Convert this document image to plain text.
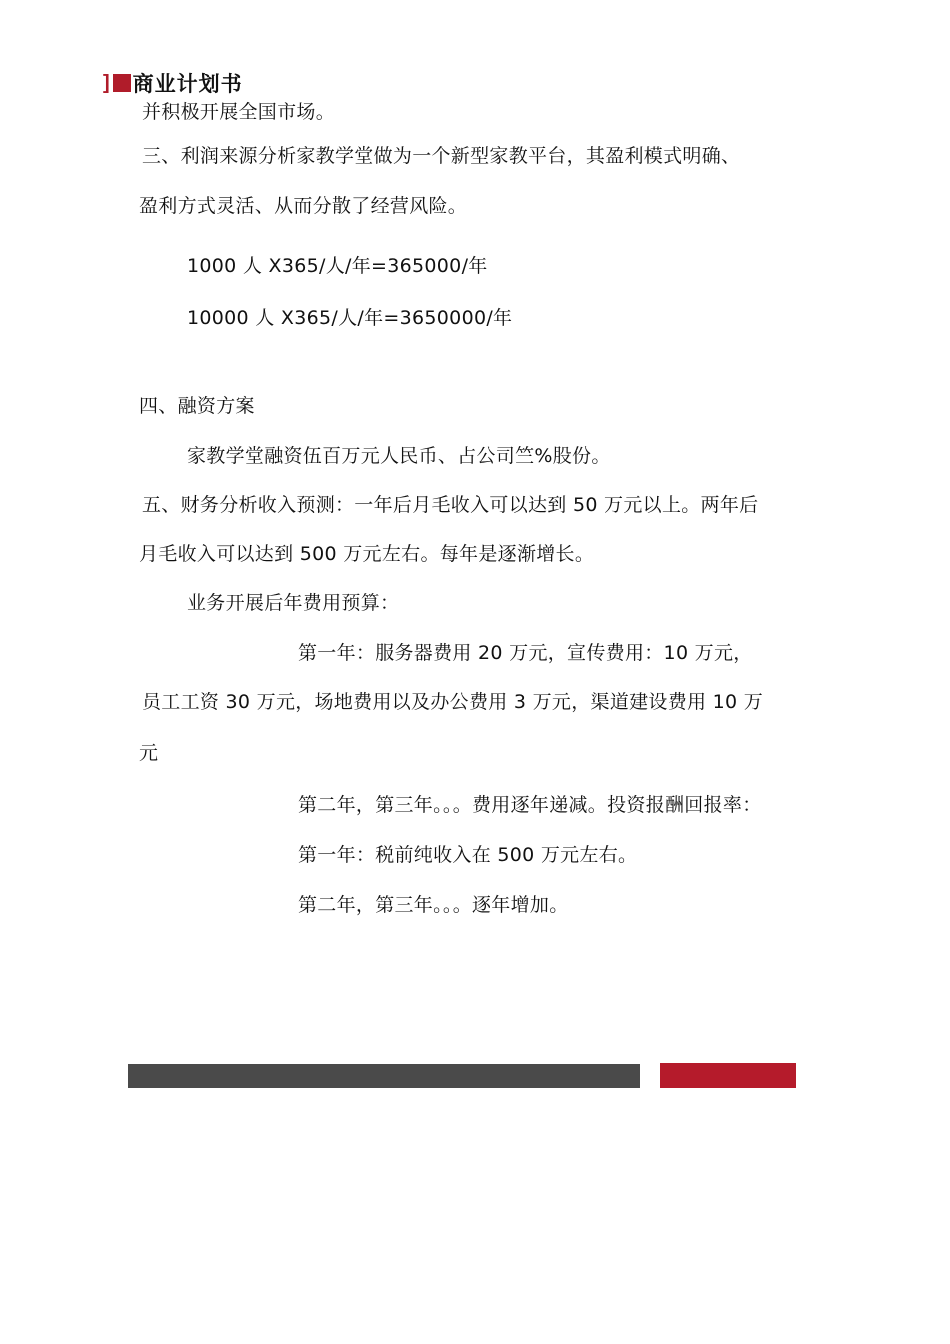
] 商业计划书
并积极开展全国市场。
三、利润来源分析家教学堂做为一个新型家教平台，其盈利模式明确、
盈利方式灵活、从而分散了经营风险。
1000 人 X365/人/年=365000/年
10000 人 X365/人/年=3650000/年
四、融资方案
家教学堂融资伍百万元人民币、占公司竺%股份。
五、财务分析收入预测：一年后月毛收入可以达到 50 万元以上。两年后
月毛收入可以达到 500 万元左右。每年是逐渐增长。
业务开展后年费用预算：
第一年：服务器费用 20 万元，宣传费用：10 万元，
员工工资 30 万元，场地费用以及办公费用 3 万元，渠道建设费用 10 万
元
第二年，第三年。。。费用逐年递减。投资报酬回报率：
第一年：税前纯收入在 500 万元左右。
第二年，第三年。。。逐年增加。
